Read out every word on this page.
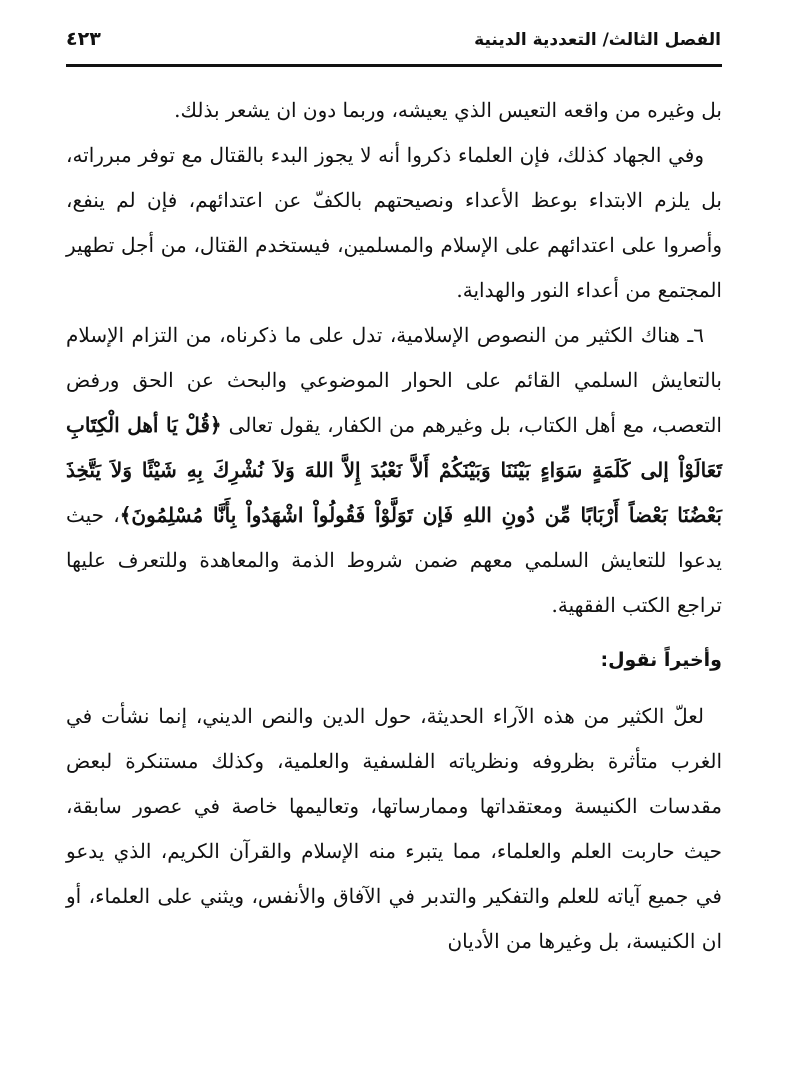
الفصل الثالث/ التعددية الدينية
٤٢٣

بل وغيره من واقعه التعيس الذي يعيشه، وربما دون ان يشعر بذلك.

وفي الجهاد كذلك، فإن العلماء ذكروا أنه لا يجوز البدء بالقتال مع توفر مبرراته، بل يلزم الابتداء بوعظ الأعداء ونصيحتهم بالكفّ عن اعتدائهم، فإن لم ينفع، وأصروا على اعتدائهم على الإسلام والمسلمين، فيستخدم القتال، من أجل تطهير المجتمع من أعداء النور والهداية.

٦ـ هناك الكثير من النصوص الإسلامية، تدل على ما ذكرناه، من التزام الإسلام بالتعايش السلمي القائم على الحوار الموضوعي والبحث عن الحق ورفض التعصب، مع أهل الكتاب، بل وغيرهم من الكفار، يقول تعالى ﴿قُلْ يَا أهل الْكِتَابِ تَعَالَوْاْ إلى كَلَمَةٍ سَوَاءٍ بَيْنَنَا وَبَيْنَكُمْ أَلاَّ نَعْبُدَ إِلاَّ اللهَ وَلاَ نُشْرِكَ بِهِ شَيْئًا وَلاَ يَتَّخِذَ بَعْضُنَا بَعْضاً أَرْبَابًا مِّن دُونِ اللهِ فَإن تَوَلَّوْاْ فَقُولُواْ اشْهَدُواْ بِأَنَّا مُسْلِمُونَ﴾، حيث يدعوا للتعايش السلمي معهم ضمن شروط الذمة والمعاهدة وللتعرف عليها تراجع الكتب الفقهية.

وأخيراً نقول:

لعلّ الكثير من هذه الآراء الحديثة، حول الدين والنص الديني، إنما نشأت في الغرب متأثرة بظروفه ونظرياته الفلسفية والعلمية، وكذلك مستنكرة لبعض مقدسات الكنيسة ومعتقداتها وممارساتها، وتعاليمها خاصة في عصور سابقة، حيث حاربت العلم والعلماء، مما يتبرء منه الإسلام والقرآن الكريم، الذي يدعو في جميع آياته للعلم والتفكير والتدبر في الآفاق والأنفس، ويثني على العلماء، أو ان الكنيسة، بل وغيرها من الأديان
